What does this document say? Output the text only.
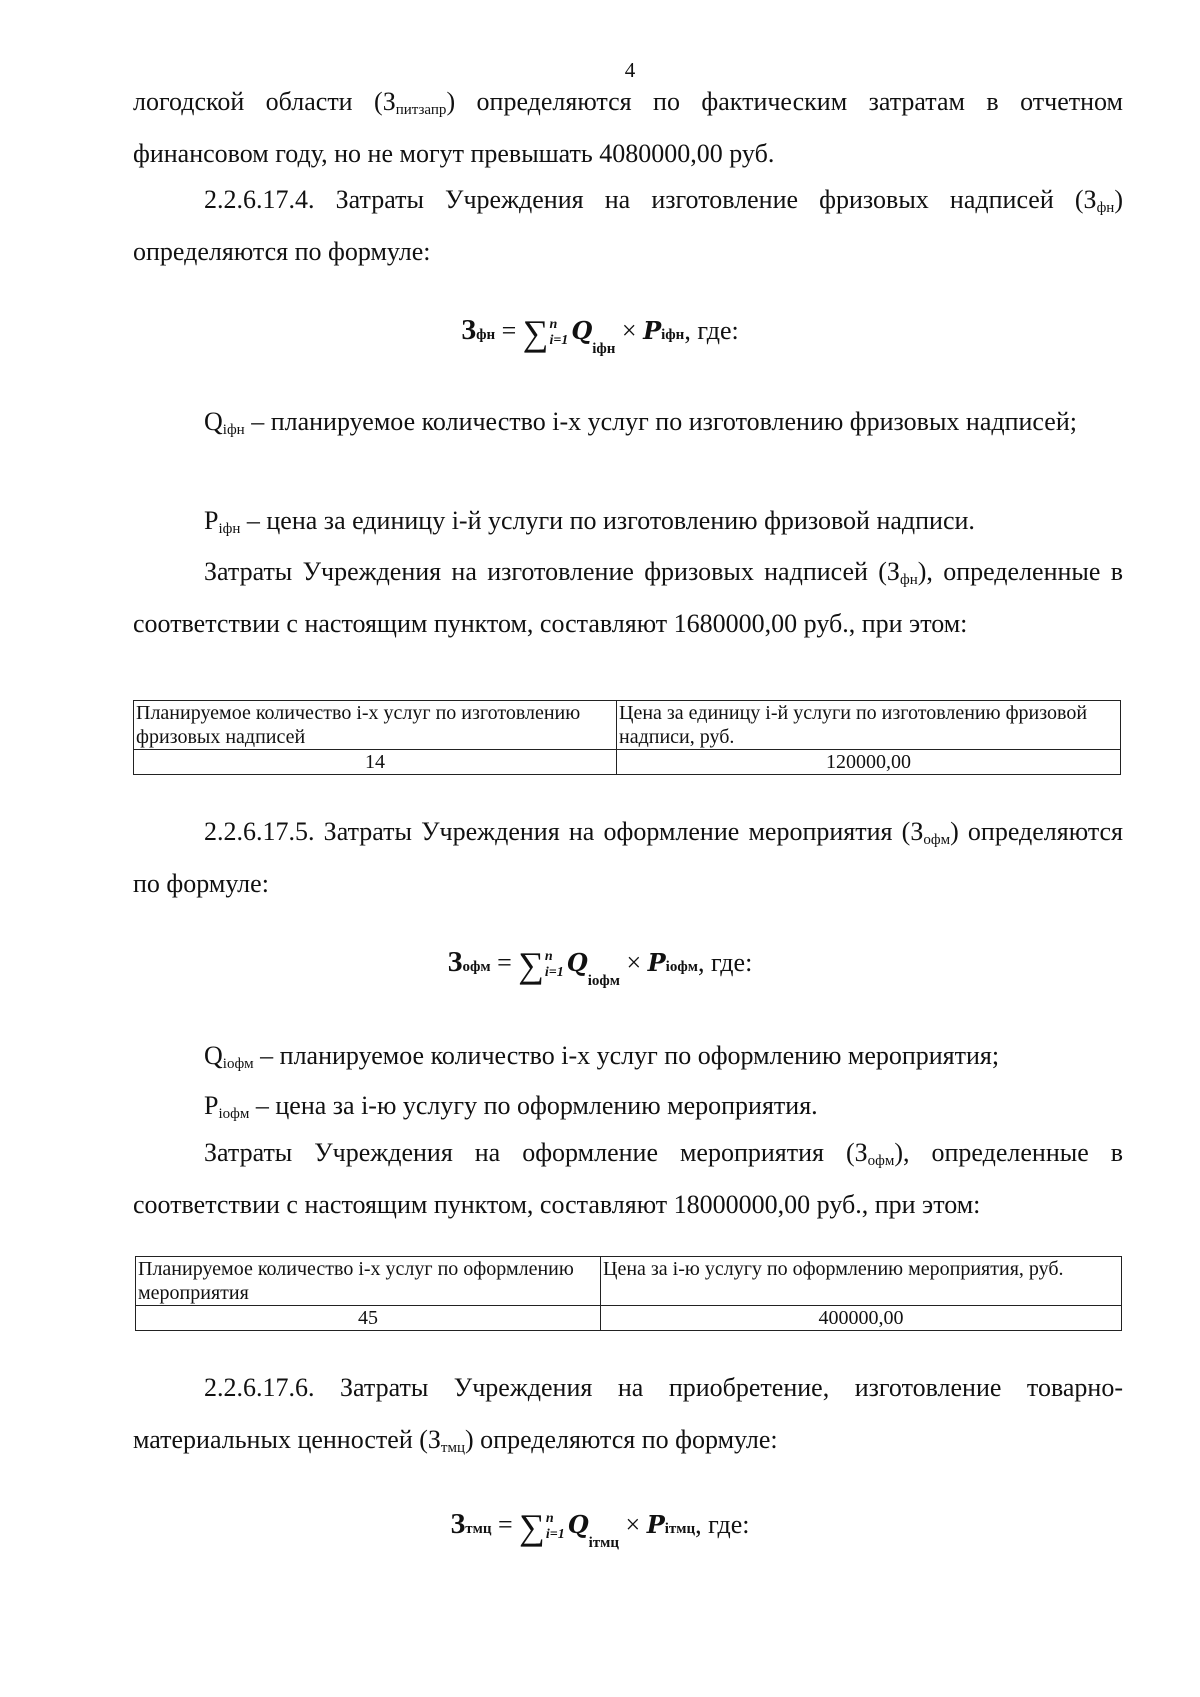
4

логодской области $(З_{питзапр})$ определяются по фактическим затратам в отчетном финансовом году, но не могут превышать 4080000,00 руб.

2.2.6.17.4. Затраты Учреждения на изготовление фризовых надписей $(З_{фн})$ определяются по формуле:

Зфн = ∑ n
i=1 $Q_{iфн}$ × Piфн, где:

$Q_{iфн}$ – планируемое количество i-х услуг по изготовлению фризовых надписей;

$P_{iфн}$ – цена за единицу i-й услуги по изготовлению фризовой надписи.

Затраты Учреждения на изготовление фризовых надписей $(З_{фн})$, определенные в соответствии с настоящим пунктом, составляют 1680000,00 руб., при этом:

Планируемое количество i-х услуг по изготовлению фризовых надписей	Цена за единицу i-й услуги по изготовлению фризовой надписи, руб.
14	120000,00

2.2.6.17.5. Затраты Учреждения на оформление мероприятия $(З_{офм})$ определяются по формуле:

Зофм = ∑ n
i=1 $Q_{iофм}$ × Piофм, где:

$Q_{iофм}$ – планируемое количество i-х услуг по оформлению мероприятия;

$P_{iофм}$ – цена за i-ю услугу по оформлению мероприятия.

Затраты Учреждения на оформление мероприятия $(З_{офм})$, определенные в соответствии с настоящим пунктом, составляют 18000000,00 руб., при этом:

Планируемое количество i-х услуг по оформлению мероприятия	Цена за i-ю услугу по оформлению мероприятия, руб.
45	400000,00

2.2.6.17.6. Затраты Учреждения на приобретение, изготовление товарно-материальных ценностей $(З_{тмц})$ определяются по формуле:

Зтмц = ∑ n
i=1 $Q_{iтмц}$ × Piтмц, где:
